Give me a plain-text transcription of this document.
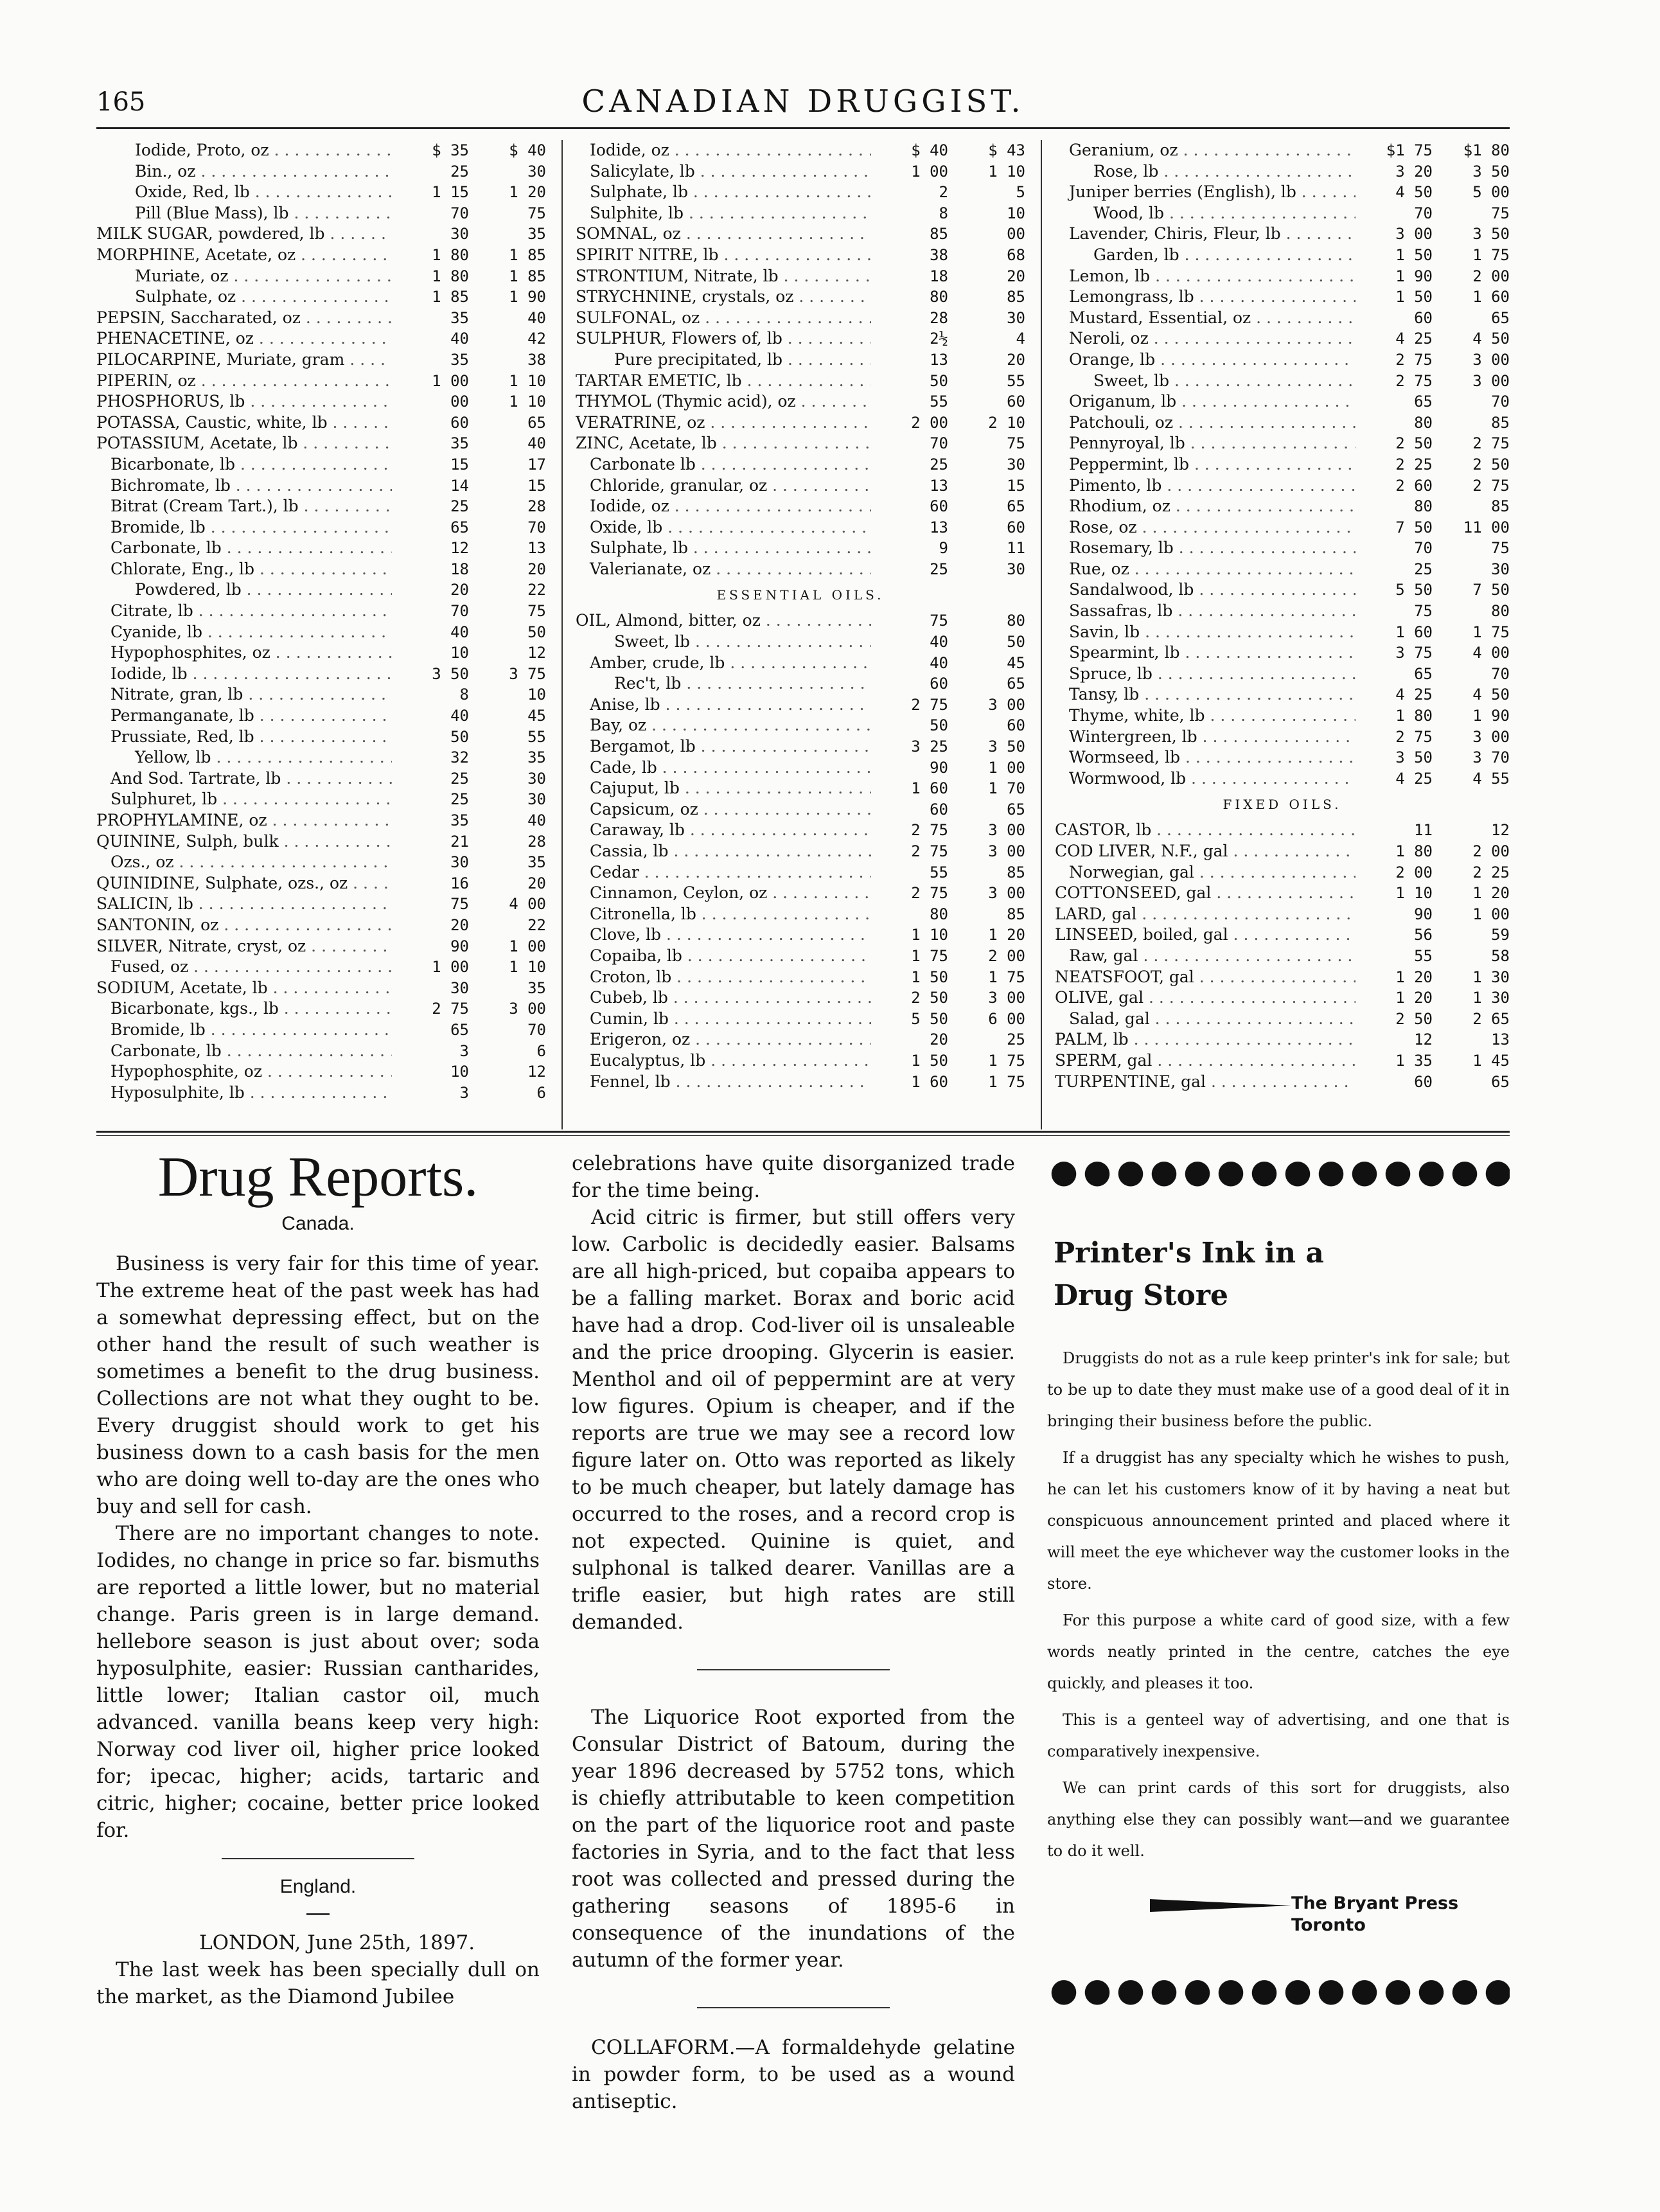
165	CANADIAN DRUGGIST.
Iodide, Proto, oz . . .	$ 35	$ 40
Bin., oz . . .	25	30
Oxide, Red, lb . . .	1 15	1 20
Pill (Blue Mass), lb . . .	70	75
MILK SUGAR, powdered, lb . . .	30	35
MORPHINE, Acetate, oz . . .	1 80	1 85
Muriate, oz . . .	1 80	1 85
Sulphate, oz . . .	1 85	1 90
PEPSIN, Saccharated, oz . . .	35	40
PHENACETINE, oz . . .	40	42
PILOCARPINE, Muriate, gram . . .	35	38
PIPERIN, oz . . .	1 00	1 10
PHOSPHORUS, lb . . .	00	1 10
POTASSA, Caustic, white, lb . . .	60	65
POTASSIUM, Acetate, lb . . .	35	40
Bicarbonate, lb . . .	15	17
Bichromate, lb . . .	14	15
Bitrat (Cream Tart.), lb . . .	25	28
Bromide, lb . . .	65	70
Carbonate, lb . . .	12	13
Chlorate, Eng., lb . . .	18	20
Powdered, lb . . .	20	22
Citrate, lb . . .	70	75
Cyanide, lb . . .	40	50
Hypophosphites, oz . . .	10	12
Iodide, lb . . .	3 50	3 75
Nitrate, gran, lb . . .	8	10
Permanganate, lb . . .	40	45
Prussiate, Red, lb . . .	50	55
Yellow, lb . . .	32	35
And Sod. Tartrate, lb . . .	25	30
Sulphuret, lb . . .	25	30
PROPHYLAMINE, oz . . .	35	40
QUININE, Sulph, bulk . . .	21	28
Ozs., oz . . .	30	35
QUINIDINE, Sulphate, ozs., oz . . .	16	20
SALICIN, lb . . .	75	4 00
SANTONIN, oz . . .	20	22
SILVER, Nitrate, cryst, oz . . .	90	1 00
Fused, oz . . .	1 00	1 10
SODIUM, Acetate, lb . . .	30	35
Bicarbonate, kgs., lb . . .	2 75	3 00
Bromide, lb . . .	65	70
Carbonate, lb . . .	3	6
Hypophosphite, oz . . .	10	12
Hyposulphite, lb . . .	3	6
Iodide, oz . . .	$ 40	$ 43
Salicylate, lb . . .	1 00	1 10
Sulphate, lb . . .	2	5
Sulphite, lb . . .	8	10
SOMNAL, oz . . .	85	00
SPIRIT NITRE, lb . . .	38	68
STRONTIUM, Nitrate, lb . . .	18	20
STRYCHNINE, crystals, oz . . .	80	85
SULFONAL, oz . . .	28	30
SULPHUR, Flowers of, lb . . .	2½	4
Pure precipitated, lb . . .	13	20
TARTAR EMETIC, lb . . .	50	55
THYMOL (Thymic acid), oz . . .	55	60
VERATRINE, oz . . .	2 00	2 10
ZINC, Acetate, lb . . .	70	75
Carbonate lb . . .	25	30
Chloride, granular, oz . . .	13	15
Iodide, oz . . .	60	65
Oxide, lb . . .	13	60
Sulphate, lb . . .	9	11
Valerianate, oz . . .	25	30
ESSENTIAL OILS.
OIL, Almond, bitter, oz . . .	75	80
Sweet, lb . . .	40	50
Amber, crude, lb . . .	40	45
Rec't, lb . . .	60	65
Anise, lb . . .	2 75	3 00
Bay, oz . . .	50	60
Bergamot, lb . . .	3 25	3 50
Cade, lb . . .	90	1 00
Cajuput, lb . . .	1 60	1 70
Capsicum, oz . . .	60	65
Caraway, lb . . .	2 75	3 00
Cassia, lb . . .	2 75	3 00
Cedar . . .	55	85
Cinnamon, Ceylon, oz . . .	2 75	3 00
Citronella, lb . . .	80	85
Clove, lb . . .	1 10	1 20
Copaiba, lb . . .	1 75	2 00
Croton, lb . . .	1 50	1 75
Cubeb, lb . . .	2 50	3 00
Cumin, lb . . .	5 50	6 00
Erigeron, oz . . .	20	25
Eucalyptus, lb . . .	1 50	1 75
Fennel, lb . . .	1 60	1 75
Geranium, oz . . .	$1 75	$1 80
Rose, lb . . .	3 20	3 50
Juniper berries (English), lb . . .	4 50	5 00
Wood, lb . . .	70	75
Lavender, Chiris, Fleur, lb . . .	3 00	3 50
Garden, lb . . .	1 50	1 75
Lemon, lb . . .	1 90	2 00
Lemongrass, lb . . .	1 50	1 60
Mustard, Essential, oz . . .	60	65
Neroli, oz . . .	4 25	4 50
Orange, lb . . .	2 75	3 00
Sweet, lb . . .	2 75	3 00
Origanum, lb . . .	65	70
Patchouli, oz . . .	80	85
Pennyroyal, lb . . .	2 50	2 75
Peppermint, lb . . .	2 25	2 50
Pimento, lb . . .	2 60	2 75
Rhodium, oz . . .	80	85
Rose, oz . . .	7 50	11 00
Rosemary, lb . . .	70	75
Rue, oz . . .	25	30
Sandalwood, lb . . .	5 50	7 50
Sassafras, lb . . .	75	80
Savin, lb . . .	1 60	1 75
Spearmint, lb . . .	3 75	4 00
Spruce, lb . . .	65	70
Tansy, lb . . .	4 25	4 50
Thyme, white, lb . . .	1 80	1 90
Wintergreen, lb . . .	2 75	3 00
Wormseed, lb . . .	3 50	3 70
Wormwood, lb . . .	4 25	4 55
FIXED OILS.
CASTOR, lb . . .	11	12
COD LIVER, N.F., gal . . .	1 80	2 00
Norwegian, gal . . .	2 00	2 25
COTTONSEED, gal . . .	1 10	1 20
LARD, gal . . .	90	1 00
LINSEED, boiled, gal . . .	56	59
Raw, gal . . .	55	58
NEATSFOOT, gal . . .	1 20	1 30
OLIVE, gal . . .	1 20	1 30
Salad, gal . . .	2 50	2 65
PALM, lb . . .	12	13
SPERM, gal . . .	1 35	1 45
TURPENTINE, gal . . .	60	65
Drug Reports.
Canada.

Business is very fair for this time of year. The extreme heat of the past week has had a somewhat depressing effect, but on the other hand the result of such weather is sometimes a benefit to the drug business. Collections are not what they ought to be. Every druggist should work to get his business down to a cash basis for the men who are doing well to-day are the ones who buy and sell for cash.

There are no important changes to note. Iodides, no change in price so far. bismuths are reported a little lower, but no material change. Paris green is in large demand. hellebore season is just about over; soda hyposulphite, easier: Russian cantharides, little lower; Italian castor oil, much advanced. vanilla beans keep very high: Norway cod liver oil, higher price looked for; ipecac, higher; acids, tartaric and citric, higher; cocaine, better price looked for.

England.

LONDON, June 25th, 1897.

The last week has been specially dull on the market, as the Diamond Jubilee

celebrations have quite disorganized trade for the time being.

Acid citric is firmer, but still offers very low. Carbolic is decidedly easier. Balsams are all high-priced, but copaiba appears to be a falling market. Borax and boric acid have had a drop. Cod-liver oil is unsaleable and the price drooping. Glycerin is easier. Menthol and oil of peppermint are at very low figures. Opium is cheaper, and if the reports are true we may see a record low figure later on. Otto was reported as likely to be much cheaper, but lately damage has occurred to the roses, and a record crop is not expected. Quinine is quiet, and sulphonal is talked dearer. Vanillas are a trifle easier, but high rates are still demanded.

The Liquorice Root exported from the Consular District of Batoum, during the year 1896 decreased by 5752 tons, which is chiefly attributable to keen competition on the part of the liquorice root and paste factories in Syria, and to the fact that less root was collected and pressed during the gathering seasons of 1895-6 in consequence of the inundations of the autumn of the former year.

COLLAFORM.—A formaldehyde gelatine in powder form, to be used as a wound antiseptic.

Printer's Ink in a
Drug Store

Druggists do not as a rule keep printer's ink for sale; but to be up to date they must make use of a good deal of it in bringing their business before the public.

If a druggist has any specialty which he wishes to push, he can let his customers know of it by having a neat but conspicuous announcement printed and placed where it will meet the eye whichever way the customer looks in the store.

For this purpose a white card of good size, with a few words neatly printed in the centre, catches the eye quickly, and pleases it too.

This is a genteel way of advertising, and one that is comparatively inexpensive.

We can print cards of this sort for druggists, also anything else they can possibly want—and we guarantee to do it well.

The Bryant Press
Toronto
